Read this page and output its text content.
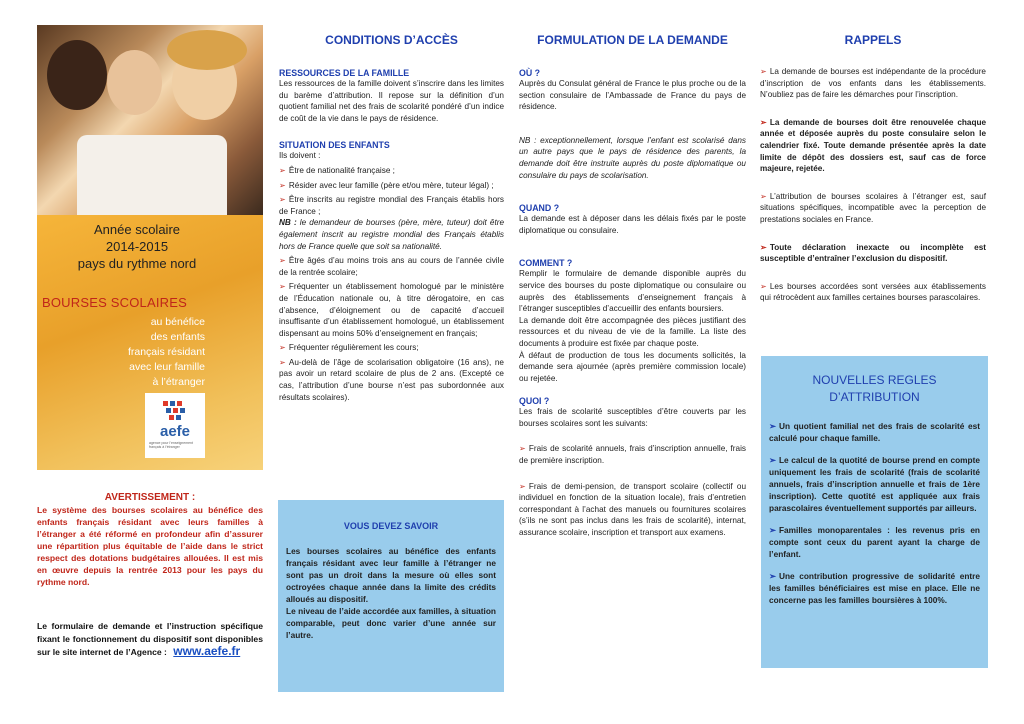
Année scolaire
2014-2015
pays du rythme nord
BOURSES SCOLAIRES
au bénéfice
des enfants
français résidant
avec leur famille
à l’étranger
aefe
agence pour l’enseignement français à l’étranger
AVERTISSEMENT :
Le système des bourses scolaires au bénéfice des enfants français résidant avec leurs familles à l’étranger a été réformé en profondeur afin d’assurer une répartition plus équitable de l’aide dans le strict respect des dotations budgétaires allouées. Il est mis en œuvre depuis la rentrée 2013 pour les pays du rythme nord.
Le formulaire de demande et l’instruction spécifique fixant le fonctionnement du dispositif sont disponibles sur le site internet de l’Agence : www.aefe.fr
CONDITIONS D’ACCÈS	FORMULATION DE LA DEMANDE	RAPPELS
RESSOURCES DE LA FAMILLE
Les ressources de la famille doivent s’inscrire dans les limites du barème d’attribution. Il repose sur la définition d’un quotient familial net des frais de scolarité pondéré d’un indice de coût de la vie dans le pays de résidence.
SITUATION DES ENFANTS

Ils doivent :

➢ Être de nationalité française ;

➢ Résider avec leur famille (père et/ou mère, tuteur légal) ;

➢ Être inscrits au registre mondial des Français établis hors de France ;

NB : le demandeur de bourses (père, mère, tuteur) doit être également inscrit au registre mondial des Français établis hors de France quelle que soit sa nationalité.

➢ Être âgés d’au moins trois ans au cours de l’année civile de la rentrée scolaire;

➢ Fréquenter un établissement homologué par le ministère de l’Éducation nationale ou, à titre dérogatoire, en cas d’absence, d’éloignement ou de capacité d’accueil insuffisante d’un établissement homologué, un établissement dispensant au moins 50% d’enseignement en français;

➢ Fréquenter régulièrement les cours;

➢ Au-delà de l’âge de scolarisation obligatoire (16 ans), ne pas avoir un retard scolaire de plus de 2 ans. (Excepté ce cas, l’attribution d’une bourse n’est pas subordonnée aux résultats scolaires).

VOUS DEVEZ SAVOIR

Les bourses scolaires au bénéfice des enfants français résidant avec leur famille à l’étranger ne sont pas un droit dans la mesure où elles sont octroyées chaque année dans la limite des crédits alloués au dispositif.

Le niveau de l’aide accordée aux familles, à situation comparable, peut donc varier d’une année sur l’autre.

OÙ ?
Auprès du Consulat général de France le plus proche ou de la section consulaire de l’Ambassade de France du pays de résidence.
NB : exceptionnellement, lorsque l’enfant est scolarisé dans un autre pays que le pays de résidence des parents, la demande doit être instruite auprès du poste diplomatique ou consulaire du pays de scolarisation.
QUAND ?
La demande est à déposer dans les délais fixés par le poste diplomatique ou consulaire.
COMMENT ?

Remplir le formulaire de demande disponible auprès du service des bourses du poste diplomatique ou consulaire ou auprès des établissements d’enseignement français à l’étranger susceptibles d’accueillir des enfants boursiers.

La demande doit être accompagnée des pièces justifiant des ressources et du niveau de vie de la famille. La liste des documents à produire est fixée par chaque poste.

À défaut de production de tous les documents sollicités, la demande sera ajournée (après première commission locale) ou rejetée.

QUOI ?

Les frais de scolarité susceptibles d’être couverts par les bourses scolaires sont les suivants:

➢ Frais de scolarité annuels, frais d’inscription annuelle, frais de première inscription.

➢ Frais de demi-pension, de transport scolaire (collectif ou individuel en fonction de la situation locale), frais d’entretien correspondant à l’achat des manuels ou fournitures scolaires (s’ils ne sont pas inclus dans les frais de scolarité), internat, assurance scolaire, inscription et transport aux examens.

➢ La demande de bourses est indépendante de la procédure d’inscription de vos enfants dans les établissements. N’oubliez pas de faire les démarches pour l’inscription.

➢ La demande de bourses doit être renouvelée chaque année et déposée auprès du poste consulaire selon le calendrier fixé. Toute demande présentée après la date limite de dépôt des dossiers est, sauf cas de force majeure, rejetée.

➢ L’attribution de bourses scolaires à l’étranger est, sauf situations spécifiques, incompatible avec la perception de prestations sociales en France.

➢ Toute déclaration inexacte ou incomplète est susceptible d’entraîner l’exclusion du dispositif.

➢ Les bourses accordées sont versées aux établissements qui rétrocèdent aux familles certaines bourses parascolaires.

NOUVELLES REGLES
D’ATTRIBUTION

➢ Un quotient familial net des frais de scolarité est calculé pour chaque famille.

➢ Le calcul de la quotité de bourse prend en compte uniquement les frais de scolarité (frais de scolarité annuels, frais d’inscription annuelle et frais de 1ère inscription). Cette quotité est appliquée aux frais parascolaires éventuellement supportés par ailleurs.

➢ Familles monoparentales : les revenus pris en compte sont ceux du parent ayant la charge de l’enfant.

➢ Une contribution progressive de solidarité entre les familles bénéficiaires est mise en place. Elle ne concerne pas les familles boursières à 100%.
